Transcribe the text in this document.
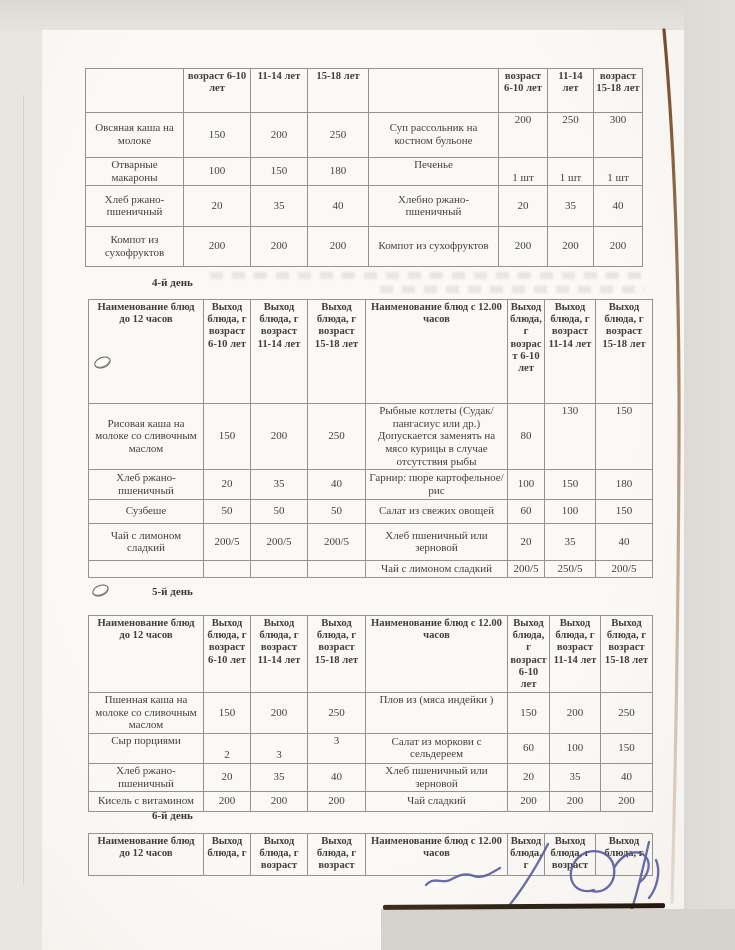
	возраст 6-10 лет	11-14 лет	15-18 лет		возраст 6-10 лет	11-14 лет	возраст 15-18 лет
Овсяная каша на молоке	150	200	250	Суп рассольник на костном бульоне	200	250	300
Отварные макароны	100	150	180	Печенье	1 шт	1 шт	1 шт
Хлеб ржано-пшеничный	20	35	40	Хлебно ржано-пшеничный	20	35	40
Компот из сухофруктов	200	200	200	Компот из сухофруктов	200	200	200
Наименование блюд до 12 часов	Выход блюда, г возраст 6-10 лет	Выход блюда, г возраст 11-14 лет	Выход блюда, г возраст 15-18 лет	Наименование блюд с 12.00 часов	Выход блюда, г возраст 6-10 лет	Выход блюда, г возраст 11-14 лет	Выход блюда, г возраст 15-18 лет
Рисовая каша на молоке со сливочным маслом	150	200	250	Рыбные котлеты (Судак/пангасиус или др.) Допускается заменять на мясо курицы в случае отсутствия рыбы	80	130	150
Хлеб ржано-пшеничный	20	35	40	Гарнир: пюре картофельное/рис	100	150	180
Сузбеше	50	50	50	Салат из свежих овощей	60	100	150
Чай с лимоном сладкий	200/5	200/5	200/5	Хлеб пшеничный или зерновой	20	35	40
				Чай с лимоном сладкий	200/5	250/5	200/5
Наименование блюд до 12 часов	Выход блюда, г возраст 6-10 лет	Выход блюда, г возраст 11-14 лет	Выход блюда, г возраст 15-18 лет	Наименование блюд с 12.00 часов	Выход блюда, г возраст 6-10 лет	Выход блюда, г возраст 11-14 лет	Выход блюда, г возраст 15-18 лет
Пшенная каша на молоке со сливочным маслом	150	200	250	Плов из (мяса индейки )	150	200	250
Сыр порциями	2	3	3	Салат из моркови с сельдереем	60	100	150
Хлеб ржано-пшеничный	20	35	40	Хлеб пшеничный или зерновой	20	35	40
Кисель с витамином	200	200	200	Чай сладкий	200	200	200
Наименование блюд до 12 часов	Выход блюда, г	Выход блюда, г возраст	Выход блюда, г возраст	Наименование блюд с 12.00 часов	Выход блюда, г	Выход блюда, г возраст	Выход блюда, г
4-й день
5-й день
6-й день
